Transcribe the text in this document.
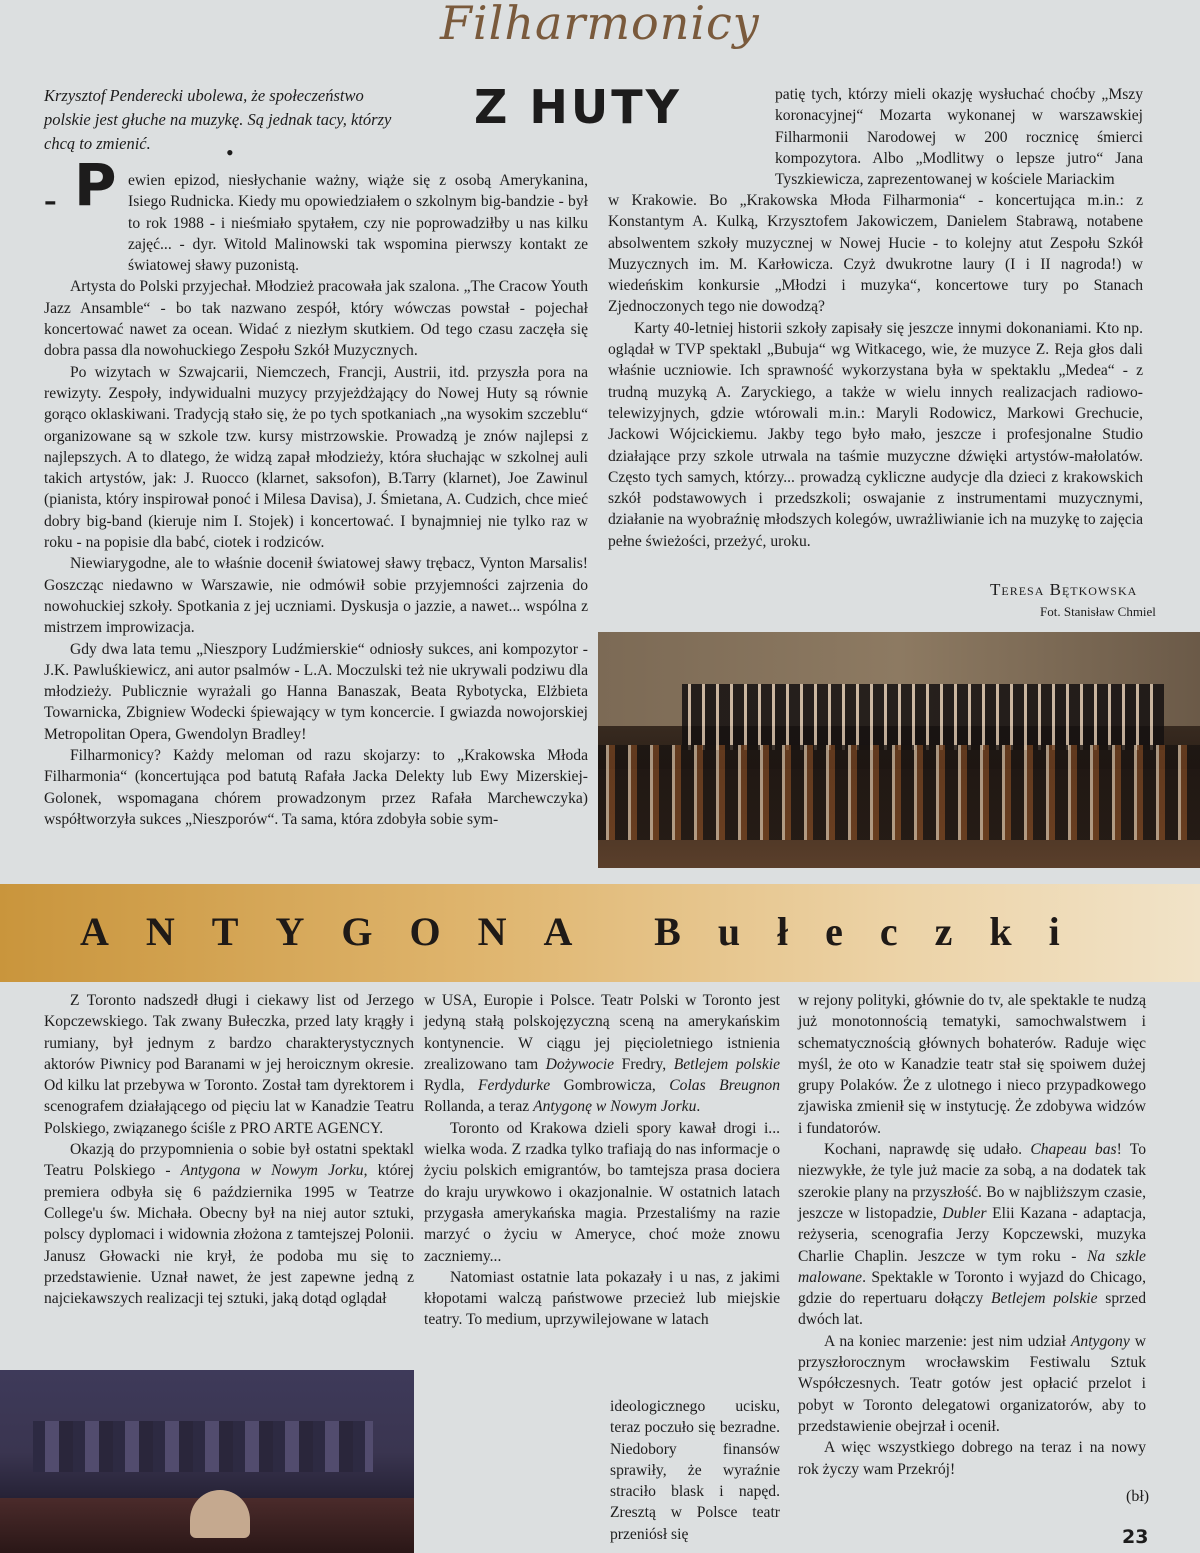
Filharmonicy
Krzysztof Penderecki ubolewa, że społeczeństwo polskie jest głuche na muzykę. Są jednak tacy, którzy chcą to zmienić.	•
Z HUTY
- P ewien epizod, niesłychanie ważny, wiąże się z osobą Amerykanina, Isiego Rudnicka. Kiedy mu opowiedziałem o szkolnym big-bandzie - był to rok 1988 - i nieśmiało spytałem, czy nie poprowadziłby u nas kilku zajęć... - dyr. Witold Malinowski tak wspomina pierwszy kontakt ze światowej sławy puzonistą.

Artysta do Polski przyjechał. Młodzież pracowała jak szalona. „The Cracow Youth Jazz Ansamble“ - bo tak nazwano zespół, który wówczas powstał - pojechał koncertować nawet za ocean. Widać z niezłym skutkiem. Od tego czasu zaczęła się dobra passa dla nowohuckiego Zespołu Szkół Muzycznych.

Po wizytach w Szwajcarii, Niemczech, Francji, Austrii, itd. przyszła pora na rewizyty. Zespoły, indywidualni muzycy przyjeżdżający do Nowej Huty są równie gorąco oklaskiwani. Tradycją stało się, że po tych spotkaniach „na wysokim szczeblu“ organizowane są w szkole tzw. kursy mistrzowskie. Prowadzą je znów najlepsi z najlepszych. A to dlatego, że widzą zapał młodzieży, która słuchając w szkolnej auli takich artystów, jak: J. Ruocco (klarnet, saksofon), B.Tarry (klarnet), Joe Zawinul (pianista, który inspirował ponoć i Milesa Davisa), J. Śmietana, A. Cudzich, chce mieć dobry big-band (kieruje nim I. Stojek) i koncertować. I bynajmniej nie tylko raz w roku - na popisie dla babć, ciotek i rodziców.

Niewiarygodne, ale to właśnie docenił światowej sławy trębacz, Vynton Marsalis! Goszcząc niedawno w Warszawie, nie odmówił sobie przyjemności zajrzenia do nowohuckiej szkoły. Spotkania z jej uczniami. Dyskusja o jazzie, a nawet... wspólna z mistrzem improwizacja.

Gdy dwa lata temu „Nieszpory Ludźmierskie“ odniosły sukces, ani kompozytor - J.K. Pawluśkiewicz, ani autor psalmów - L.A. Moczulski też nie ukrywali podziwu dla młodzieży. Publicznie wyrażali go Hanna Banaszak, Beata Rybotycka, Elżbieta Towarnicka, Zbigniew Wodecki śpiewający w tym koncercie. I gwiazda nowojorskiej Metropolitan Opera, Gwendolyn Bradley!

Filharmonicy? Każdy meloman od razu skojarzy: to „Krakowska Młoda Filharmonia“ (koncertująca pod batutą Rafała Jacka Delekty lub Ewy Mizerskiej-Golonek, wspomagana chórem prowadzonym przez Rafała Marchewczyka) współtworzyła sukces „Nieszporów“. Ta sama, która zdobyła sobie sym-

patię tych, którzy mieli okazję wysłuchać choćby „Mszy koronacyjnej“ Mozarta wykonanej w warszawskiej Filharmonii Narodowej w 200 rocznicę śmierci kompozytora. Albo „Modlitwy o lepsze jutro“ Jana Tyszkiewicza, zaprezentowanej w kościele Mariackim

w Krakowie. Bo „Krakowska Młoda Filharmonia“ - koncertująca m.in.: z Konstantym A. Kulką, Krzysztofem Jakowiczem, Danielem Stabrawą, notabene absolwentem szkoły muzycznej w Nowej Hucie - to kolejny atut Zespołu Szkół Muzycznych im. M. Karłowicza. Czyż dwukrotne laury (I i II nagroda!) w wiedeńskim konkursie „Młodzi i muzyka“, koncertowe tury po Stanach Zjednoczonych tego nie dowodzą?

Karty 40-letniej historii szkoły zapisały się jeszcze innymi dokonaniami. Kto np. oglądał w TVP spektakl „Bubuja“ wg Witkacego, wie, że muzyce Z. Reja głos dali właśnie uczniowie. Ich sprawność wykorzystana była w spektaklu „Medea“ - z trudną muzyką A. Zaryckiego, a także w wielu innych realizacjach radiowo-telewizyjnych, gdzie wtórowali m.in.: Maryli Rodowicz, Markowi Grechucie, Jackowi Wójcickiemu. Jakby tego było mało, jeszcze i profesjonalne Studio działające przy szkole utrwala na taśmie muzyczne dźwięki artystów-małolatów. Często tych samych, którzy... prowadzą cykliczne audycje dla dzieci z krakowskich szkół podstawowych i przedszkoli; oswajanie z instrumentami muzycznymi, działanie na wyobraźnię młodszych kolegów, uwrażliwianie ich na muzykę to zajęcia pełne świeżości, przeżyć, uroku.

Teresa Bętkowska
Fot. Stanisław Chmiel
ANTYGONA Bułeczki

Z Toronto nadszedł długi i ciekawy list od Jerzego Kopczewskiego. Tak zwany Bułeczka, przed laty krągły i rumiany, był jednym z bardzo charakterystycznych aktorów Piwnicy pod Baranami w jej heroicznym okresie. Od kilku lat przebywa w Toronto. Został tam dyrektorem i scenografem działającego od pięciu lat w Kanadzie Teatru Polskiego, związanego ściśle z PRO ARTE AGENCY.

Okazją do przypomnienia o sobie był ostatni spektakl Teatru Polskiego - Antygona w Nowym Jorku, której premiera odbyła się 6 października 1995 w Teatrze College'u św. Michała. Obecny był na niej autor sztuki, polscy dyplomaci i widownia złożona z tamtejszej Polonii. Janusz Głowacki nie krył, że podoba mu się to przedstawienie. Uznał nawet, że jest zapewne jedną z najciekawszych realizacji tej sztuki, jaką dotąd oglądał

w USA, Europie i Polsce. Teatr Polski w Toronto jest jedyną stałą polskojęzyczną sceną na amerykańskim kontynencie. W ciągu jej pięcioletniego istnienia zrealizowano tam Dożywocie Fredry, Betlejem polskie Rydla, Ferdydurke Gombrowicza, Colas Breugnon Rollanda, a teraz Antygonę w Nowym Jorku.

Toronto od Krakowa dzieli spory kawał drogi i... wielka woda. Z rzadka tylko trafiają do nas informacje o życiu polskich emigrantów, bo tamtejsza prasa dociera do kraju urywkowo i okazjonalnie. W ostatnich latach przygasła amerykańska magia. Przestaliśmy na razie marzyć o życiu w Ameryce, choć może znowu zaczniemy...

Natomiast ostatnie lata pokazały i u nas, z jakimi kłopotami walczą państwowe przecież lub miejskie teatry. To medium, uprzywilejowane w latach

ideologicznego ucisku, teraz poczuło się bezradne. Niedobory finansów sprawiły, że wyraźnie straciło blask i napęd. Zresztą w Polsce teatr przeniósł się

w rejony polityki, głównie do tv, ale spektakle te nudzą już monotonnością tematyki, samochwalstwem i schematycznością głównych bohaterów. Raduje więc myśl, że oto w Kanadzie teatr stał się spoiwem dużej grupy Polaków. Że z ulotnego i nieco przypadkowego zjawiska zmienił się w instytucję. Że zdobywa widzów i fundatorów.

Kochani, naprawdę się udało. Chapeau bas! To niezwykłe, że tyle już macie za sobą, a na dodatek tak szerokie plany na przyszłość. Bo w najbliższym czasie, jeszcze w listopadzie, Dubler Elii Kazana - adaptacja, reżyseria, scenografia Jerzy Kopczewski, muzyka Charlie Chaplin. Jeszcze w tym roku - Na szkle malowane. Spektakle w Toronto i wyjazd do Chicago, gdzie do repertuaru dołączy Betlejem polskie sprzed dwóch lat.

A na koniec marzenie: jest nim udział Antygony w przyszłorocznym wrocławskim Festiwalu Sztuk Współczesnych. Teatr gotów jest opłacić przelot i pobyt w Toronto delegatowi organizatorów, aby to przedstawienie obejrzał i ocenił.

A więc wszystkiego dobrego na teraz i na nowy rok życzy wam Przekrój!

(bł)
23
